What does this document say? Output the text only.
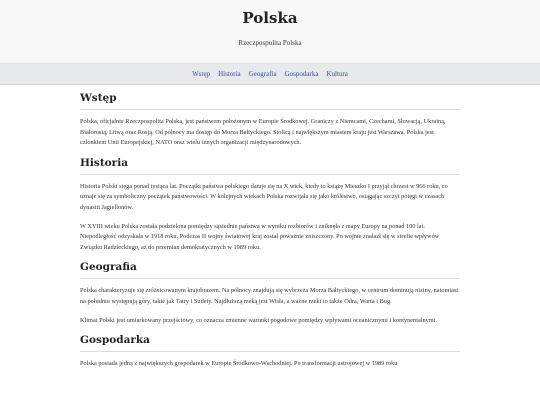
Polska
Rzeczpospolita Polska
Wstęp Historia Geografia Gospodarka Kultura
Wstęp

Polska, oficjalnie Rzeczpospolita Polska, jest państwem położonym w Europie Środkowej. Graniczy z Niemcami, Czechami, Słowacją, Ukrainą, Białorusią, Litwą oraz Rosją. Od północy ma dostęp do Morza Bałtyckiego. Stolicą i największym miastem kraju jest Warszawa. Polska jest członkiem Unii Europejskiej, NATO oraz wielu innych organizacji międzynarodowych.

Historia

Historia Polski sięga ponad tysiąca lat. Początki państwa polskiego datuje się na X wiek, kiedy to książę Mieszko I przyjął chrzest w 966 roku, co uznaje się za symboliczny początek państwowości. W kolejnych wiekach Polska rozwijała się jako królestwo, osiągając szczyt potęgi w czasach dynastii Jagiellonów.

W XVIII wieku Polska została podzielona pomiędzy sąsiednie państwa w wyniku rozbiorów i zniknęła z mapy Europy na ponad 100 lat. Niepodległość odzyskała w 1918 roku. Podczas II wojny światowej kraj został poważnie zniszczony. Po wojnie znalazł się w strefie wpływów Związku Radzieckiego, aż do przemian demokratycznych w 1989 roku.

Geografia

Polska charakteryzuje się zróżnicowanym krajobrazem. Na północy znajdują się wybrzeża Morza Bałtyckiego, w centrum dominują niziny, natomiast na południu występują góry, takie jak Tatry i Sudety. Najdłuższą rzeką jest Wisła, a ważne rzeki to także Odra, Warta i Bug.

Klimat Polski jest umiarkowany przejściowy, co oznacza zmienne warunki pogodowe pomiędzy wpływami oceanicznymi i kontynentalnymi.

Gospodarka

Polska posiada jedną z największych gospodarek w Europie Środkowo-Wschodniej. Po transformacji ustrojowej w 1989 roku
